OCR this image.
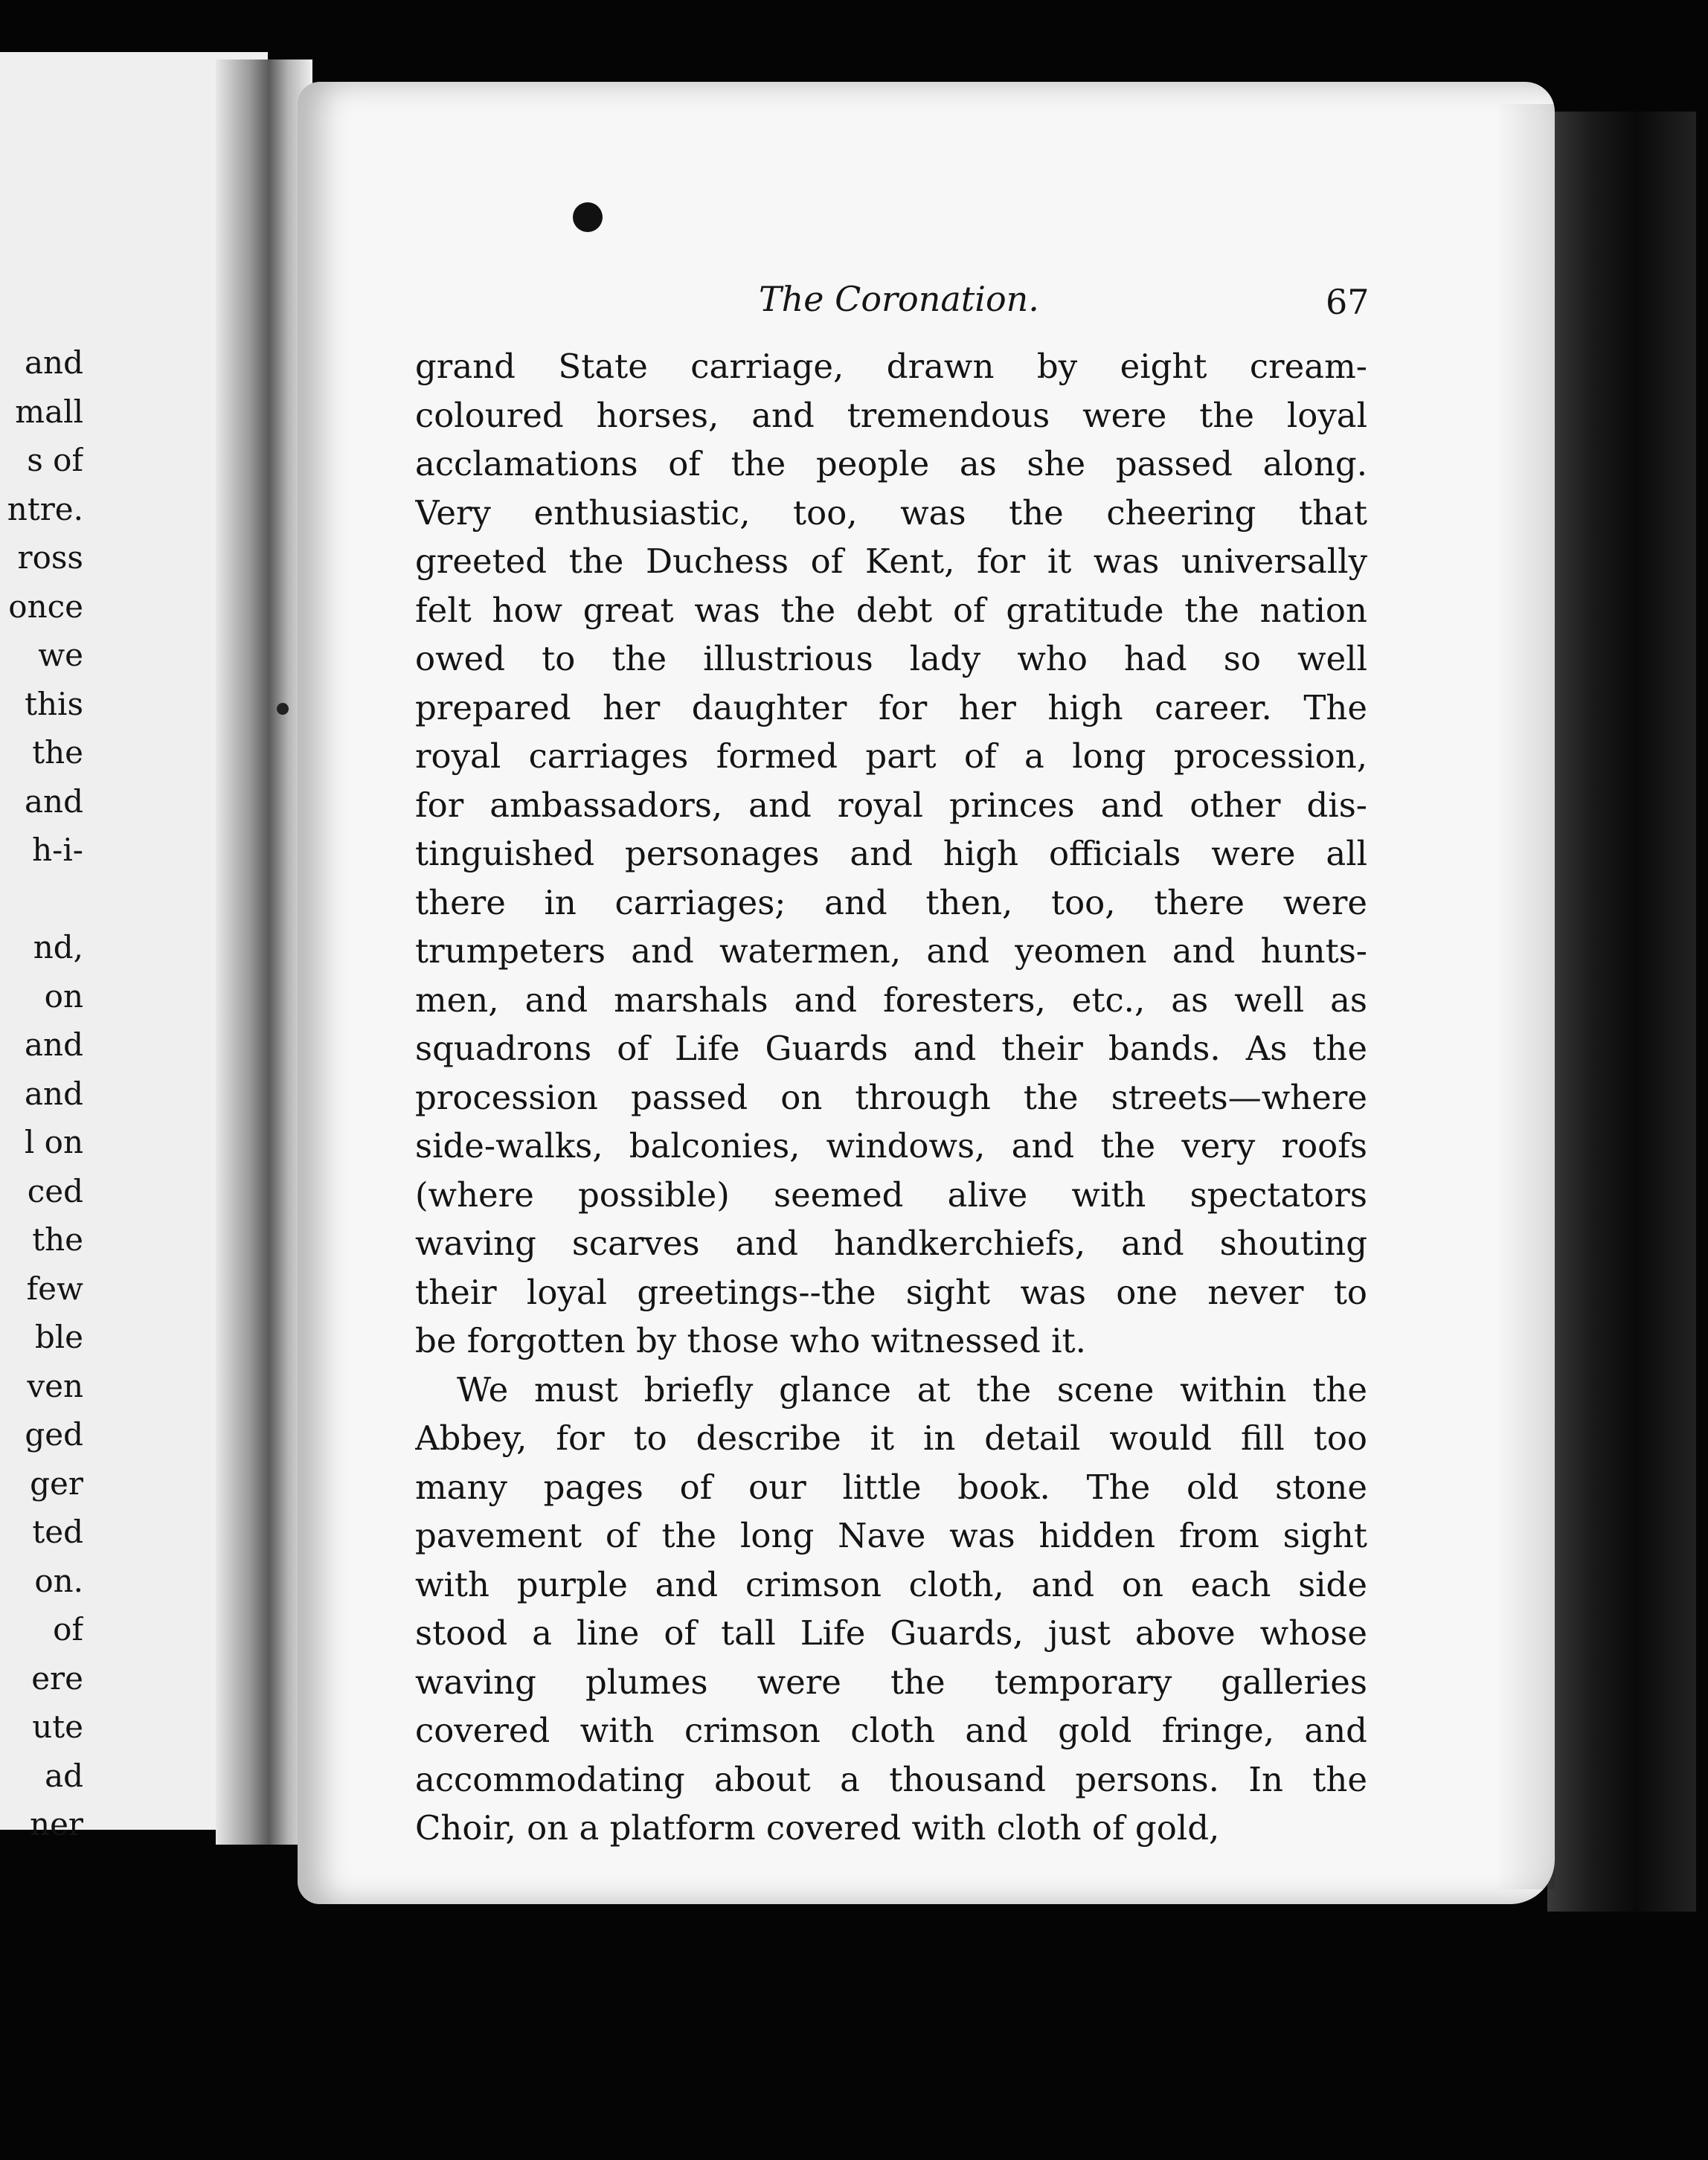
The Coronation.	67
grand State carriage, drawn by eight cream-
coloured horses, and tremendous were the loyal
acclamations of the people as she passed along.
Very enthusiastic, too, was the cheering that
greeted the Duchess of Kent, for it was universally
felt how great was the debt of gratitude the nation
owed to the illustrious lady who had so well
prepared her daughter for her high career. The
royal carriages formed part of a long procession,
for ambassadors, and royal princes and other dis-
tinguished personages and high officials were all
there in carriages; and then, too, there were
trumpeters and watermen, and yeomen and hunts-
men, and marshals and foresters, etc., as well as
squadrons of Life Guards and their bands. As the
procession passed on through the streets—where
side-walks, balconies, windows, and the very roofs
(where possible) seemed alive with spectators
waving scarves and handkerchiefs, and shouting
their loyal greetings--the sight was one never to
be forgotten by those who witnessed it.
We must briefly glance at the scene within the
Abbey, for to describe it in detail would fill too
many pages of our little book. The old stone
pavement of the long Nave was hidden from sight
with purple and crimson cloth, and on each side
stood a line of tall Life Guards, just above whose
waving plumes were the temporary galleries
covered with crimson cloth and gold fringe, and
accommodating about a thousand persons. In the
Choir, on a platform covered with cloth of gold,
and
mall
s of
ntre.
ross
once
we
this
the
and
h-i-
nd,
on
and
and
l on
ced
the
few
ble
ven
ged
ger
ted
on.
of
ere
ute
ad
ner
